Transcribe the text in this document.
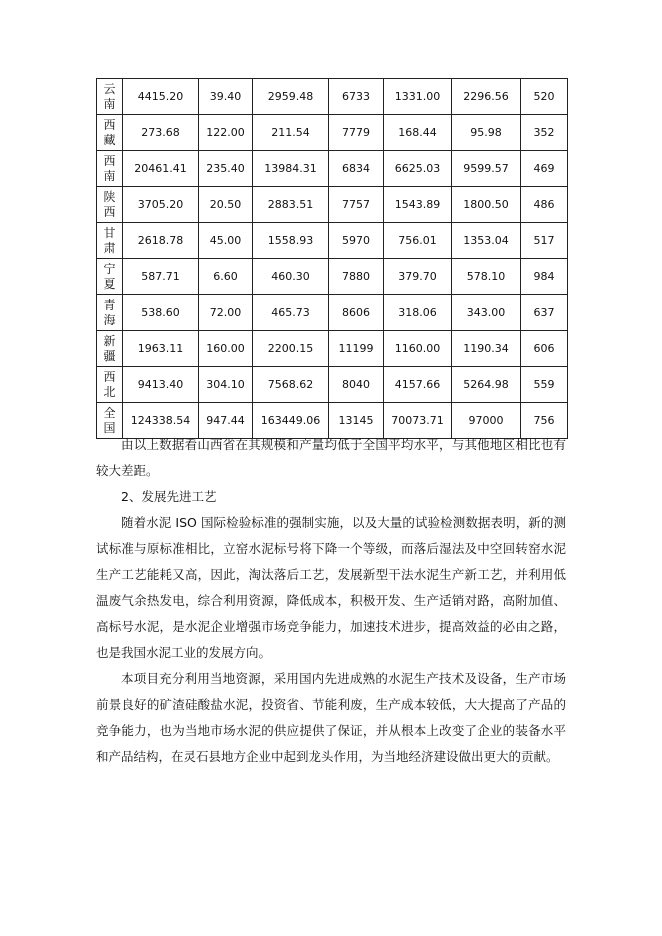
云南	4415.20	39.40	2959.48	6733	1331.00	2296.56	520
西藏	273.68	122.00	211.54	7779	168.44	95.98	352
西南	20461.41	235.40	13984.31	6834	6625.03	9599.57	469
陕西	3705.20	20.50	2883.51	7757	1543.89	1800.50	486
甘肃	2618.78	45.00	1558.93	5970	756.01	1353.04	517
宁夏	587.71	6.60	460.30	7880	379.70	578.10	984
青海	538.60	72.00	465.73	8606	318.06	343.00	637
新疆	1963.11	160.00	2200.15	11199	1160.00	1190.34	606
西北	9413.40	304.10	7568.62	8040	4157.66	5264.98	559
全国	124338.54	947.44	163449.06	13145	70073.71	97000	756
由以上数据看山西省在其规模和产量均低于全国平均水平，与其他地区相比也有较大差距。
2、发展先进工艺
随着水泥 ISO 国际检验标准的强制实施，以及大量的试验检测数据表明，新的测试标准与原标准相比，立窑水泥标号将下降一个等级，而落后湿法及中空回转窑水泥生产工艺能耗又高，因此，淘汰落后工艺，发展新型干法水泥生产新工艺，并利用低温废气余热发电，综合利用资源，降低成本，积极开发、生产适销对路，高附加值、高标号水泥，是水泥企业增强市场竞争能力，加速技术进步，提高效益的必由之路，也是我国水泥工业的发展方向。
本项目充分利用当地资源，采用国内先进成熟的水泥生产技术及设备，生产市场前景良好的矿渣硅酸盐水泥，投资省、节能利废，生产成本较低，大大提高了产品的竞争能力，也为当地市场水泥的供应提供了保证，并从根本上改变了企业的装备水平和产品结构，在灵石县地方企业中起到龙头作用，为当地经济建设做出更大的贡献。
